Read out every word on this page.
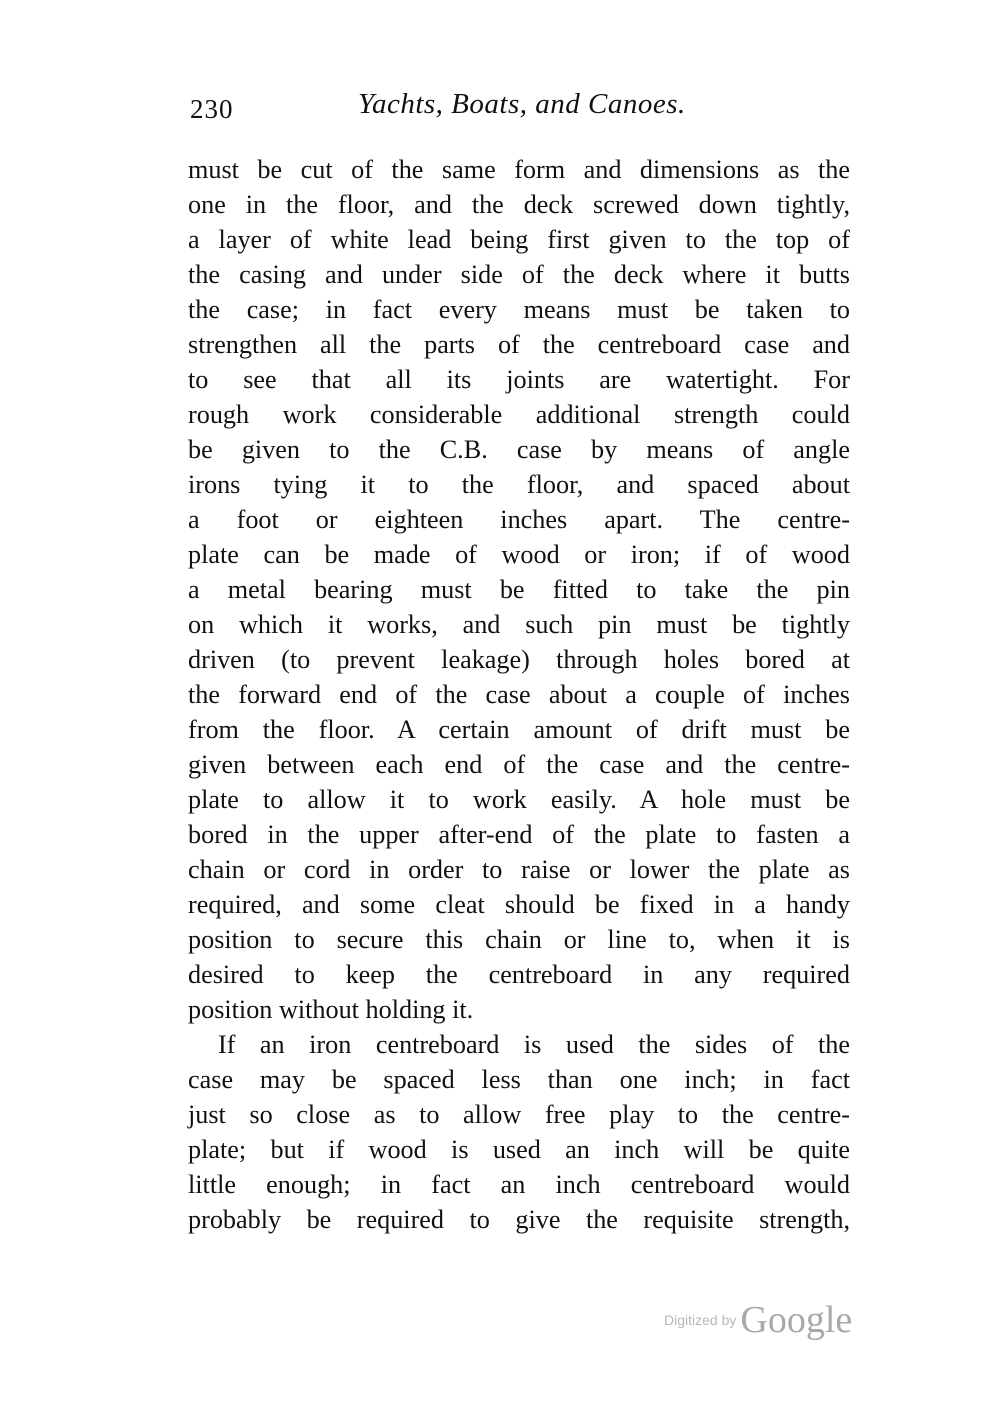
230	Yachts, Boats, and Canoes.
must be cut of the same form and dimensions as the
one in the floor, and the deck screwed down tightly,
a layer of white lead being first given to the top of
the casing and under side of the deck where it butts
the case; in fact every means must be taken to
strengthen all the parts of the centreboard case and
to see that all its joints are watertight. For
rough work considerable additional strength could
be given to the C.B. case by means of angle
irons tying it to the floor, and spaced about
a foot or eighteen inches apart. The centre-
plate can be made of wood or iron; if of wood
a metal bearing must be fitted to take the pin
on which it works, and such pin must be tightly
driven (to prevent leakage) through holes bored at
the forward end of the case about a couple of inches
from the floor. A certain amount of drift must be
given between each end of the case and the centre-
plate to allow it to work easily. A hole must be
bored in the upper after-end of the plate to fasten a
chain or cord in order to raise or lower the plate as
required, and some cleat should be fixed in a handy
position to secure this chain or line to, when it is
desired to keep the centreboard in any required
position without holding it.
If an iron centreboard is used the sides of the
case may be spaced less than one inch; in fact
just so close as to allow free play to the centre-
plate; but if wood is used an inch will be quite
little enough; in fact an inch centreboard would
probably be required to give the requisite strength,
Digitized by Google
